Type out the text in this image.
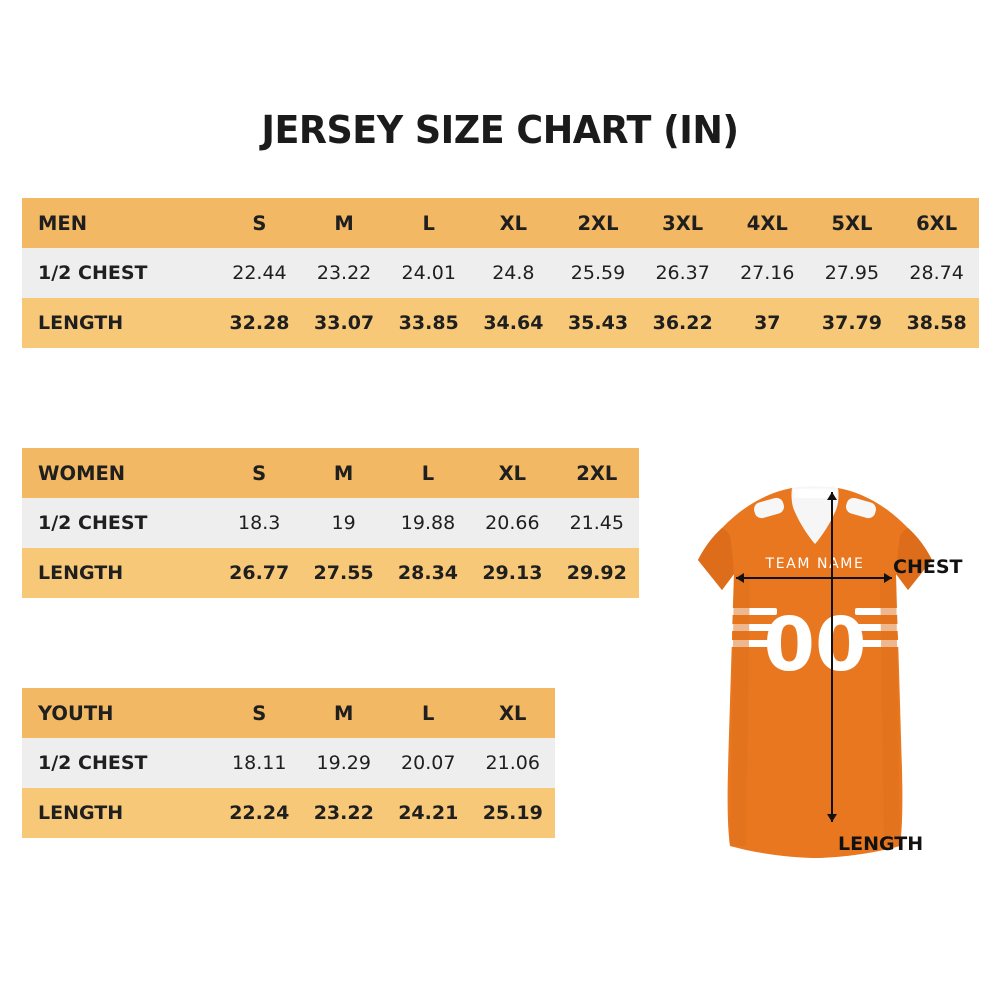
JERSEY SIZE CHART (IN)
MEN	S	M	L	XL	2XL	3XL	4XL	5XL	6XL
1/2 CHEST	22.44	23.22	24.01	24.8	25.59	26.37	27.16	27.95	28.74
LENGTH	32.28	33.07	33.85	34.64	35.43	36.22	37	37.79	38.58
WOMEN	S	M	L	XL	2XL
1/2 CHEST	18.3	19	19.88	20.66	21.45
LENGTH	26.77	27.55	28.34	29.13	29.92
YOUTH	S	M	L	XL
1/2 CHEST	18.11	19.29	20.07	21.06
LENGTH	22.24	23.22	24.21	25.19
TEAM NAME
00
CHEST
LENGTH
